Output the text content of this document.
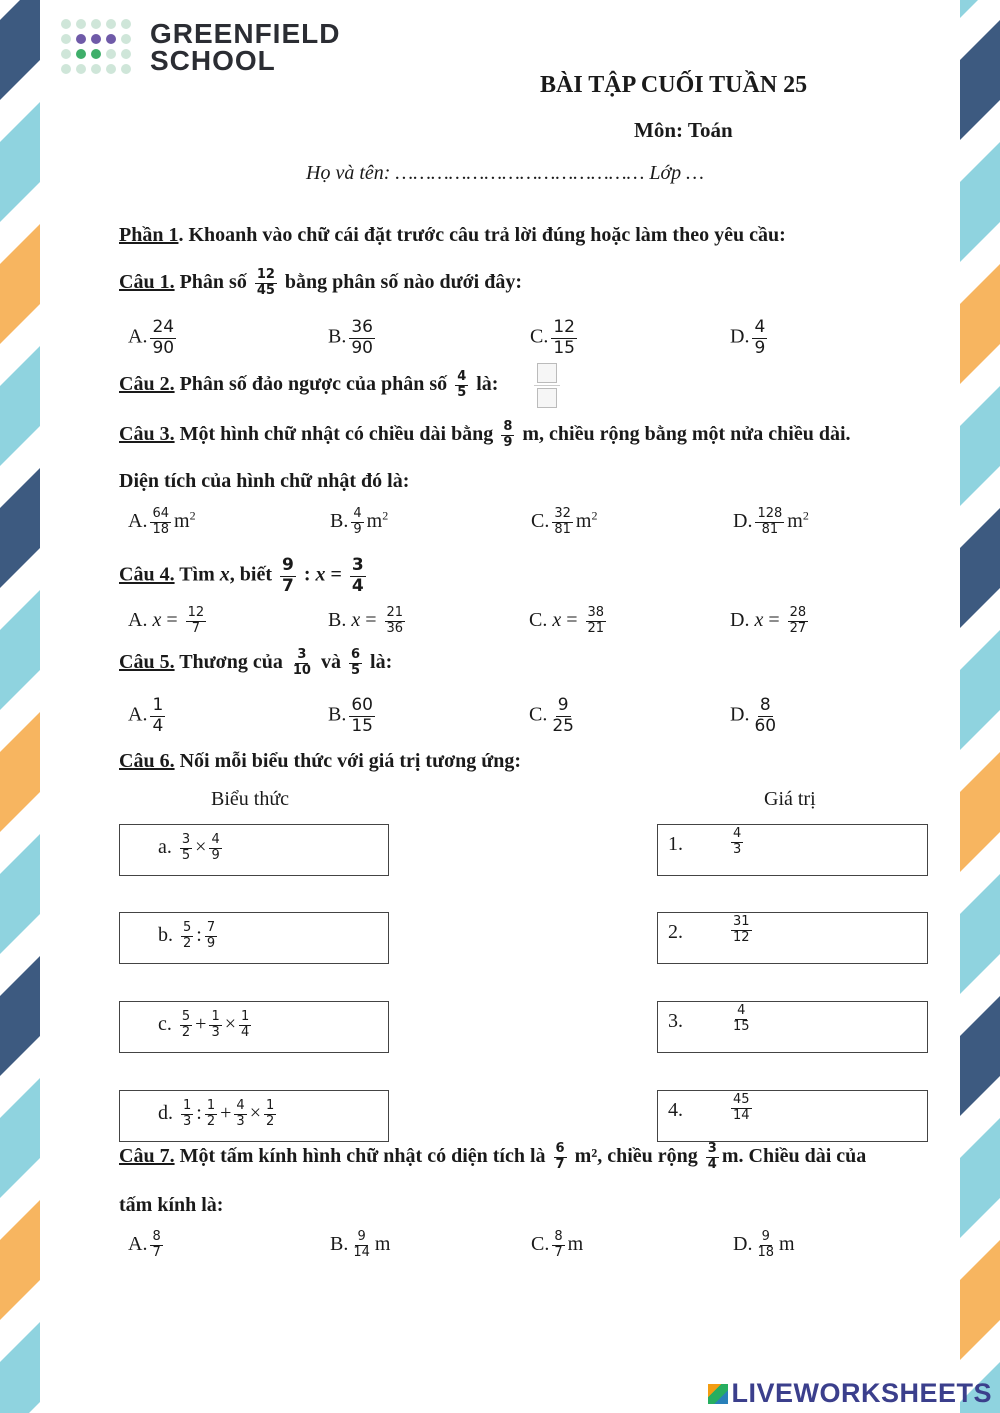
GREENFIELD
SCHOOL
BÀI TẬP CUỐI TUẦN 25
Môn: Toán
Họ và tên: …………………………………… Lớp …
Phần 1. Khoanh vào chữ cái đặt trước câu trả lời đúng hoặc làm theo yêu cầu:
Câu 1. Phân số $\frac{12}{45}$ bằng phân số nào dưới đây:
A. $\frac{24}{90}$	B. $\frac{36}{90}$	C. $\frac{12}{15}$	D. $\frac{4}{9}$
Câu 2. Phân số đảo ngược của phân số $\frac{4}{5}$ là:
Câu 3. Một hình chữ nhật có chiều dài bằng $\frac{8}{9} m$, chiều rộng bằng một nửa chiều dài.
Diện tích của hình chữ nhật đó là:
A. $\frac{64}{18} m^2$	B. $\frac{4}{9} m^2$	C. $\frac{32}{81} m^2$	D. $\frac{128}{81} m^2$
Câu 4. Tìm x, biết $\frac{9}{7}$ : $x = \frac{3}{4}$
A. $x = \frac{12}{7}$	B. $x = \frac{21}{36}$	C. $x = \frac{38}{21}$	D. $x = \frac{28}{27}$
Câu 5. Thương của $\frac{3}{10}$ và $\frac{6}{5}$ là:
A. $\frac{1}{4}$	B. $\frac{60}{15}$	C. $\frac{9}{25}$	D. $\frac{8}{60}$
Câu 6. Nối mỗi biểu thức với giá trị tương ứng:
Biểu thức	Giá trị
a. $\frac{3}{5} \times \frac{4}{9}$
b. $\frac{5}{2}$ : $\frac{7}{9}$
c. $\frac{5}{2} + \frac{1}{3} \times \frac{1}{4}$
d. $\frac{1}{3}$ : $\frac{1}{2} + \frac{4}{3} \times \frac{1}{2}$
1.	$\frac{4}{3}$
2.	$\frac{31}{12}$
3.	$\frac{4}{15}$
4.	$\frac{45}{14}$
Câu 7. Một tấm kính hình chữ nhật có diện tích là $\frac{6}{7} m^2$, chiều rộng $\frac{3}{4} m$. Chiều dài của
tấm kính là:
A. $\frac{8}{7}$	B. $\frac{9}{14}$ m	C. $\frac{8}{7}$ m	D. $\frac{9}{18}$ m
LIVEWORKSHEETS
